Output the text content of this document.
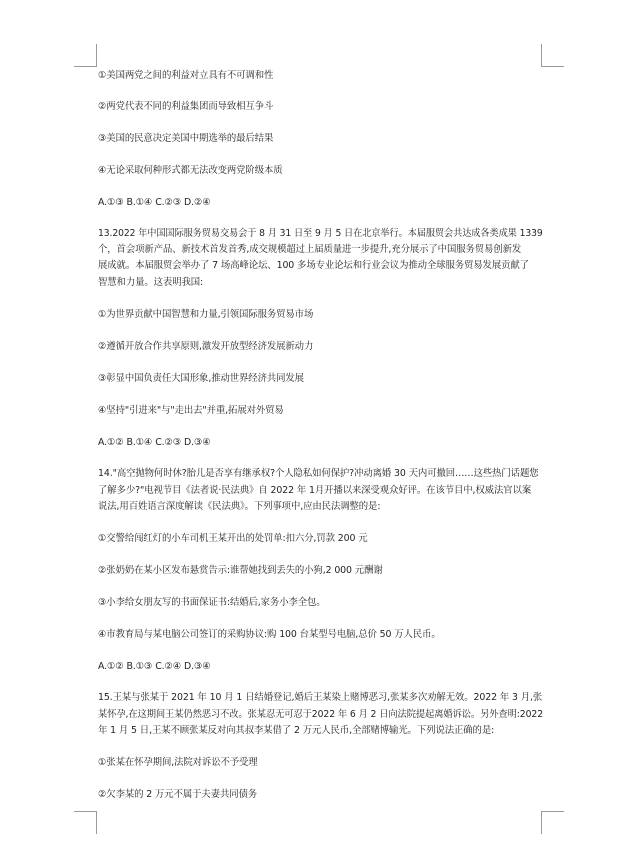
①美国两党之间的利益对立具有不可调和性
②两党代表不同的利益集团而导致相互争斗
③美国的民意决定美国中期选举的最后结果
④无论采取何种形式都无法改变两党阶级本质
A.①③ B.①④ C.②③ D.②④
13.2022 年中国国际服务贸易交易会于 8 月 31 日至 9 月 5 日在北京举行。本届服贸会共达成各类成果 1339
个，首会项新产品、新技术首发首秀,成交规模超过上届质量进一步提升,充分展示了中国服务贸易创新发
展成就。本届服贸会举办了 7 场高峰论坛、100 多场专业论坛和行业会议为推动全球服务贸易发展贡献了
智慧和力量。这表明我国:
①为世界贡献中国智慧和力量,引领国际服务贸易市场
②遵循开放合作共享原则,激发开放型经济发展新动力
③彰显中国负责任大国形象,推动世界经济共同发展
④坚持"引进来"与"走出去"并重,拓展对外贸易
A.①② B.①④ C.②③ D.③④
14."高空抛物何时休?胎儿是否享有继承权?个人隐私如何保护?冲动离婚 30 天内可撤回……这些热门话题您
了解多少?"电视节目《法者说·民法典》自 2022 年 1月开播以来深受观众好评。在该节目中,权威法官以案
说法,用百姓语言深度解读《民法典》。下列事项中,应由民法调整的是:
①交警给闯红灯的小车司机王某开出的处罚单:扣六分,罚款 200 元
②张奶奶在某小区发布悬赏告示:谁帮她找到丢失的小狗,2 000 元酬谢
③小李给女朋友写的书面保证书:结婚后,家务小李全包。
④市教育局与某电脑公司签订的采购协议:购 100 台某型号电脑,总价 50 万人民币。
A.①② B.①③ C.②④ D.③④
15.王某与张某于 2021 年 10 月 1 日结婚登记,婚后王某染上赌博恶习,张某多次劝解无效。2022 年 3 月,张
某怀孕,在这期间王某仍然恶习不改。张某忍无可忍于2022 年 6 月 2 日向法院提起离婚诉讼。另外查明:2022
年 1 月 5 日,王某不顾张某反对向其叔李某借了 2 万元人民币,全部赌博输光。下列说法正确的是:
①张某在怀孕期间,法院对诉讼不予受理
②欠李某的 2 万元不属于夫妻共同债务
